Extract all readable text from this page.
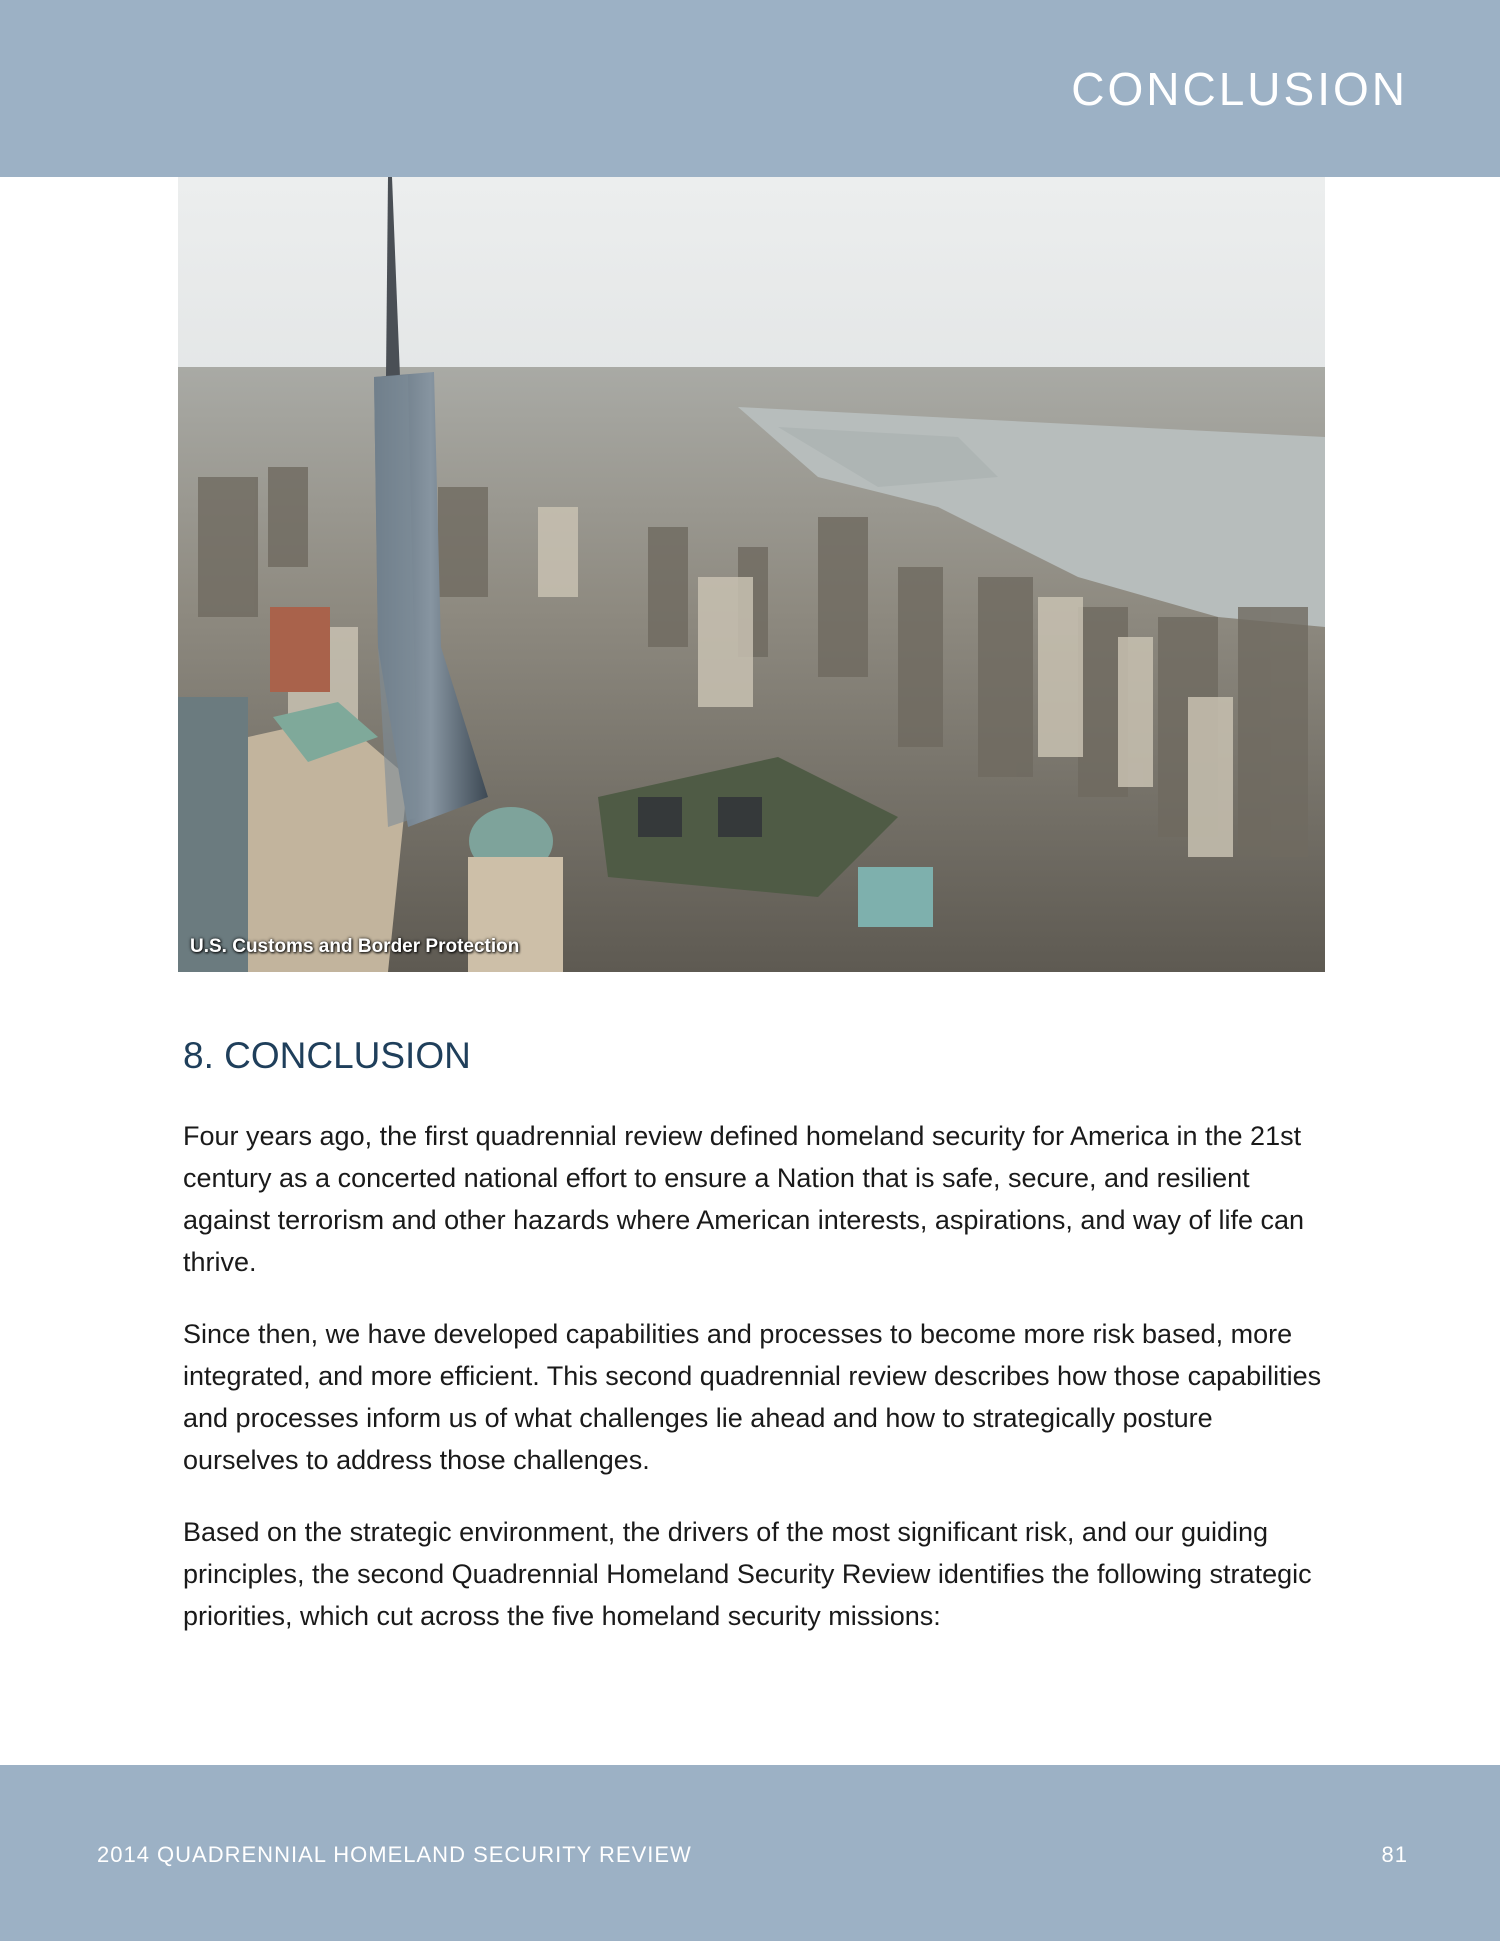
CONCLUSION
U.S. Customs and Border Protection
8. CONCLUSION

Four years ago, the first quadrennial review defined homeland security for America in the 21st century as a concerted national effort to ensure a Nation that is safe, secure, and resilient against terrorism and other hazards where American interests, aspirations, and way of life can thrive.

Since then, we have developed capabilities and processes to become more risk based, more integrated, and more efficient. This second quadrennial review describes how those capabilities and processes inform us of what challenges lie ahead and how to strategically posture ourselves to address those challenges.

Based on the strategic environment, the drivers of the most significant risk, and our guiding principles, the second Quadrennial Homeland Security Review identifies the following strategic priorities, which cut across the five homeland security missions:

2014 QUADRENNIAL HOMELAND SECURITY REVIEW	81
